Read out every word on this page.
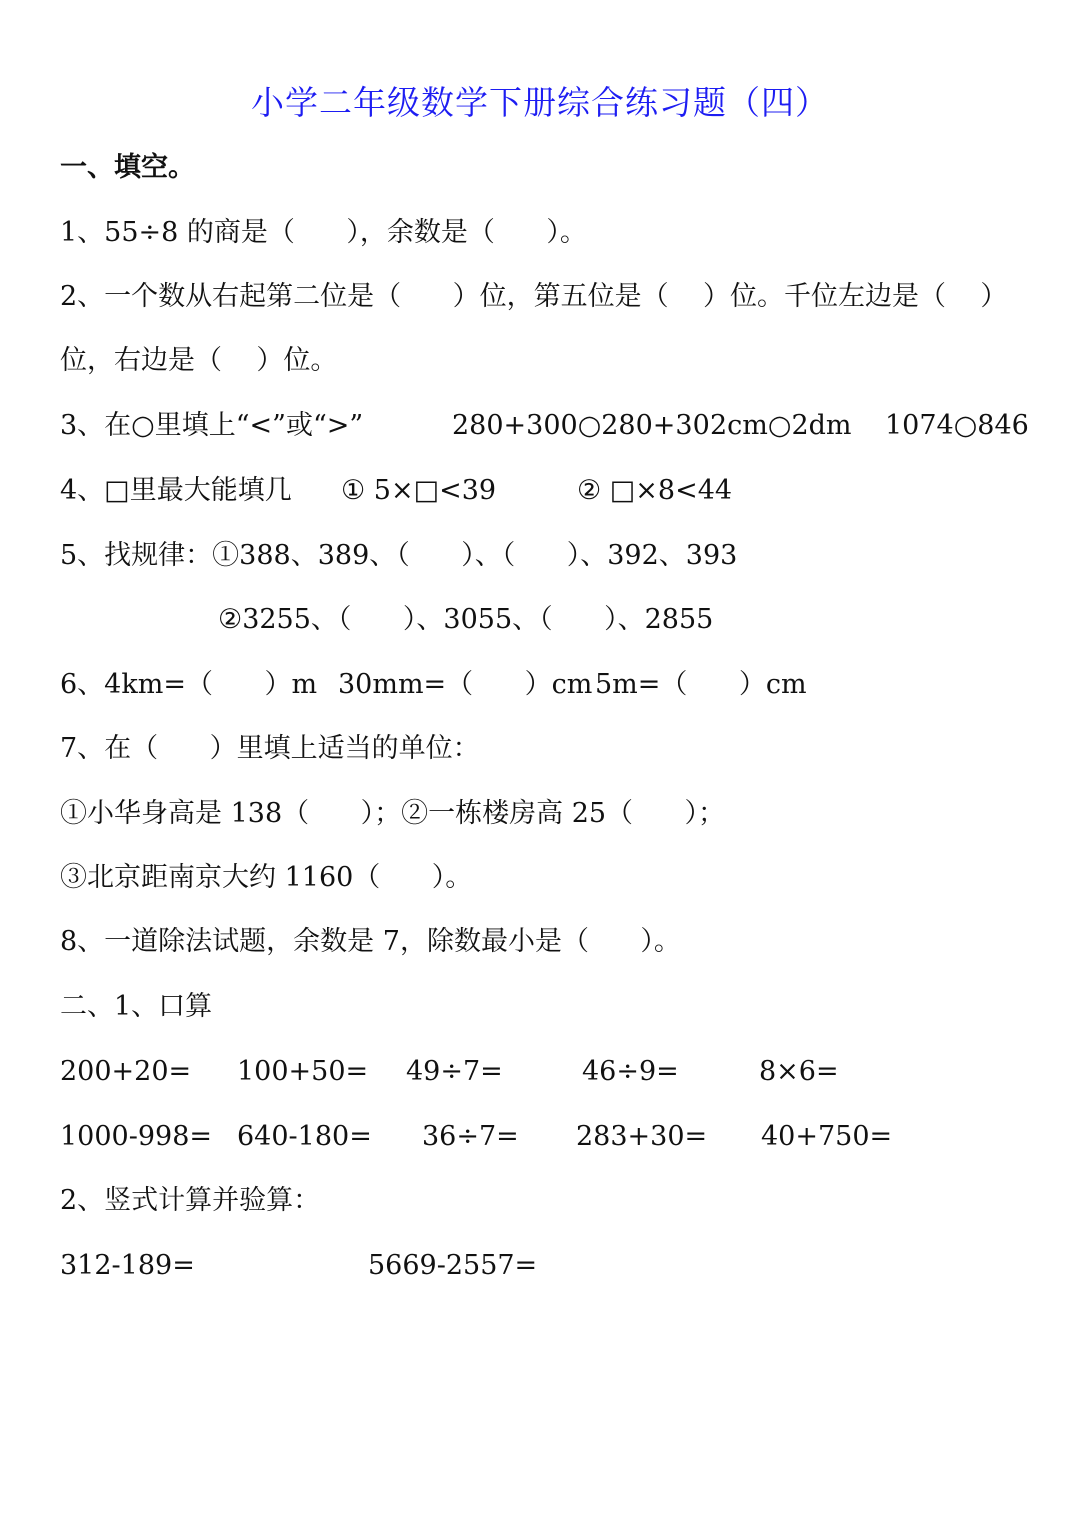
小学二年级数学下册综合练习题（四）
一、填空。
1、55÷8 的商是（      ），余数是（      ）。
2、一个数从右起第二位是（      ）位，第五位是（    ）位。千位左边是（    ）
位，右边是（    ）位。
3、在○里填上“<”或“>”	280+300○280+30 2cm○2dm 1074○846
4、□里最大能填几 ① 5×□<39	② □×8<44
5、找规律：①388、389、（      ）、（      ）、392、393
②3255、（      ）、3055、（      ）、2855
6、4km=（      ）m 30mm=（      ）cm 5m=（      ）cm
7、在（      ）里填上适当的单位：
①小华身高是 138（      ）；②一栋楼房高 25（      ）；
③北京距南京大约 1160（      ）。
8、一道除法试题，余数是 7，除数最小是（      ）。
二、1、口算
200+20= 100+50= 49÷7=	46÷9=	8×6=
1000-998= 640-180= 36÷7= 283+30= 40+750=
2、竖式计算并验算：
312-189=	5669-2557=
